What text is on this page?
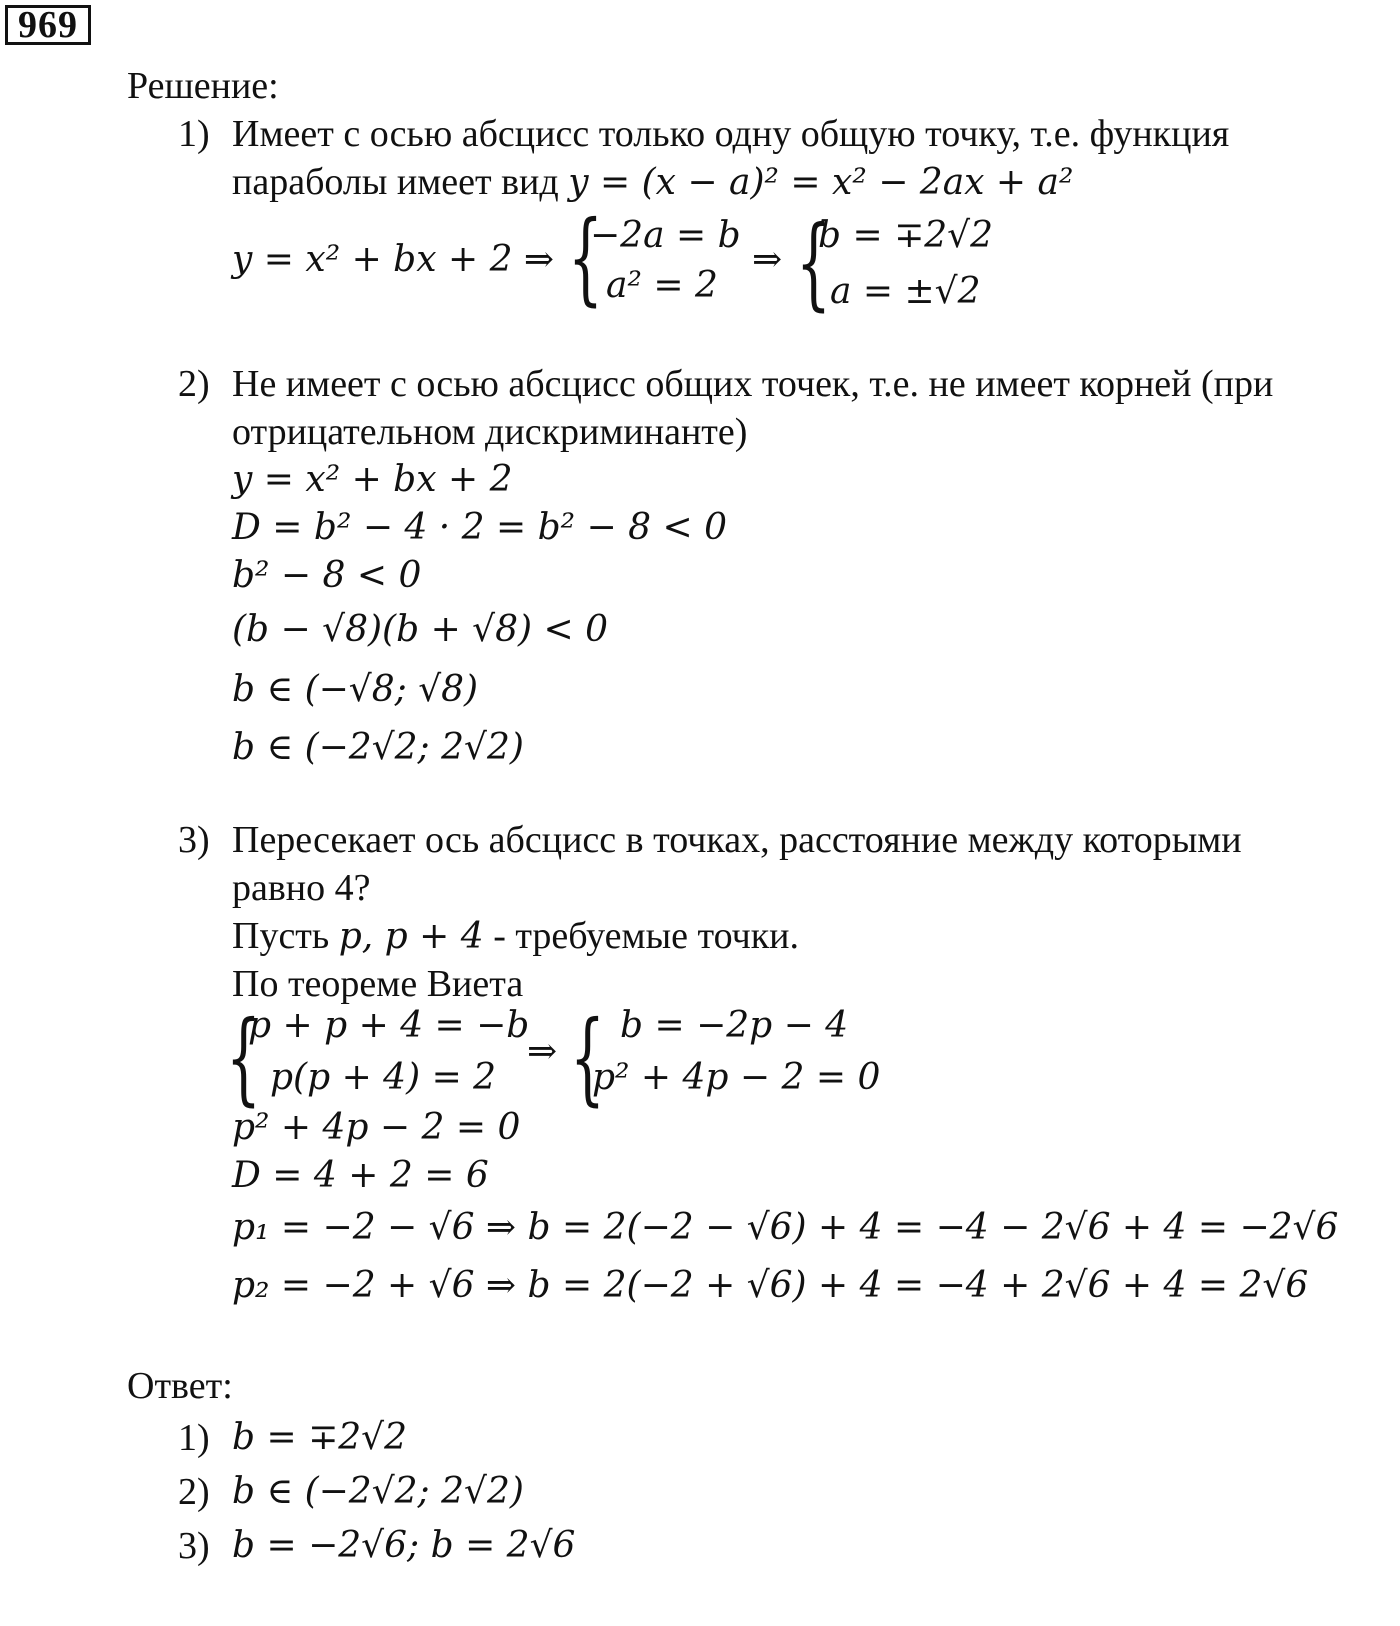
969
Решение:
1) Имеет с осью абсцисс только одну общую точку, т.е. функция
параболы имеет вид y = (x − a)² = x² − 2ax + a²
y = x² + bx + 2 ⇒ {
−2a = b
a² = 2
⇒ {
b = ∓2√2
a = ±√2
2) Не имеет с осью абсцисс общих точек, т.е. не имеет корней (при
отрицательном дискриминанте)
y = x² + bx + 2
D = b² − 4 · 2 = b² − 8 < 0
b² − 8 < 0
(b − √8)(b + √8) < 0
b ∈ (−√8; √8)
b ∈ (−2√2; 2√2)
3) Пересекает ось абсцисс в точках, расстояние между которыми
равно 4?
Пусть p, p + 4 - требуемые точки.
По теореме Виета
{
p + p + 4 = −b
p(p + 4) = 2
⇒ { b = −2p − 4
p² + 4p − 2 = 0
p² + 4p − 2 = 0
D = 4 + 2 = 6
p₁ = −2 − √6 ⇒ b = 2(−2 − √6) + 4 = −4 − 2√6 + 4 = −2√6
p₂ = −2 + √6 ⇒ b = 2(−2 + √6) + 4 = −4 + 2√6 + 4 = 2√6
Ответ:
1) b = ∓2√2
2) b ∈ (−2√2; 2√2)
3) b = −2√6; b = 2√6
